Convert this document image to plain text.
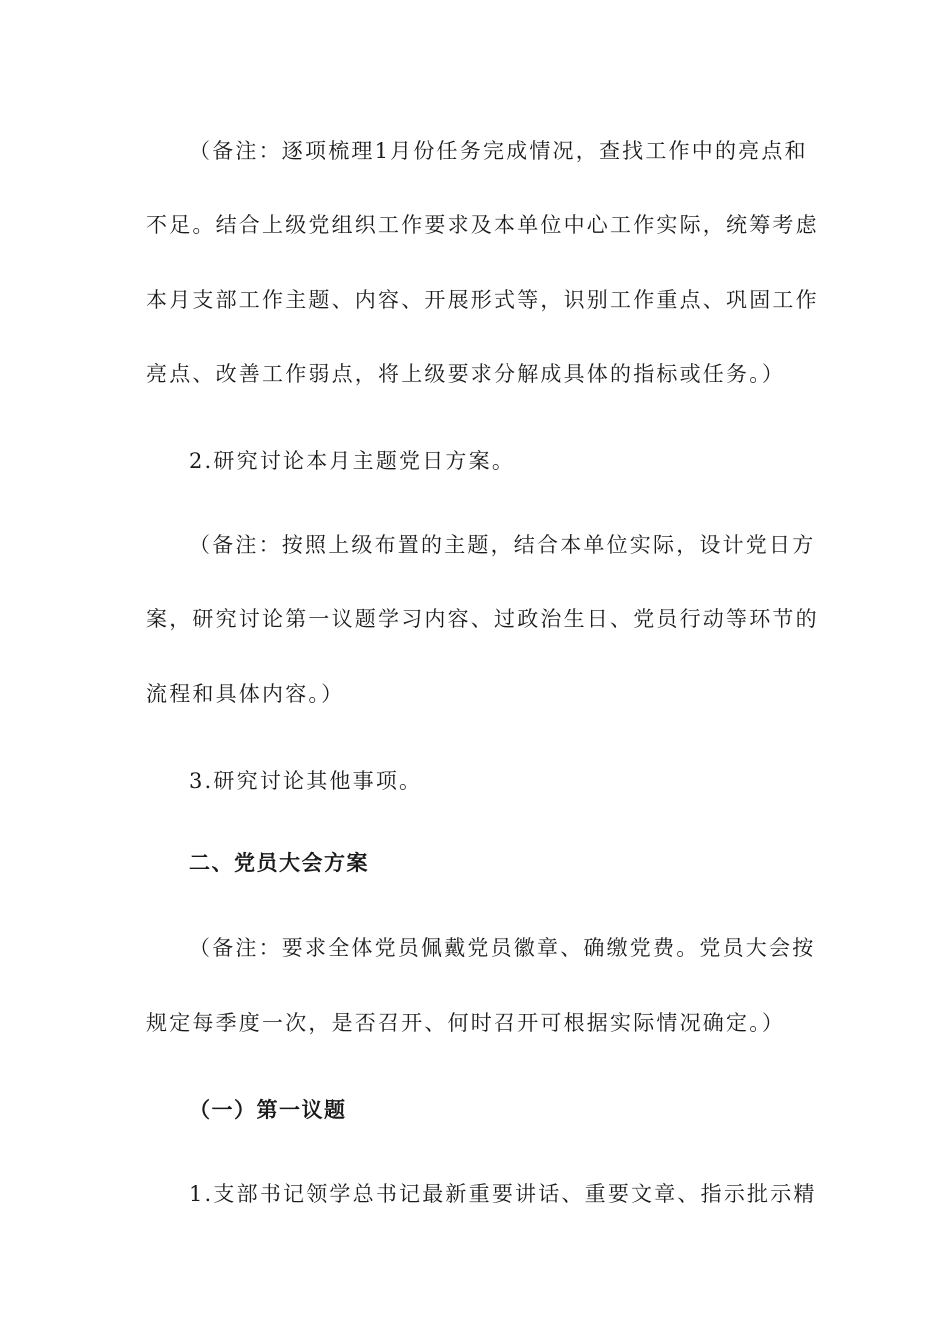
（备注：逐项梳理1月份任务完成情况，查找工作中的亮点和
不足。结合上级党组织工作要求及本单位中心工作实际，统筹考虑
本月支部工作主题、内容、开展形式等，识别工作重点、巩固工作
亮点、改善工作弱点，将上级要求分解成具体的指标或任务。）
2.研究讨论本月主题党日方案。
（备注：按照上级布置的主题，结合本单位实际，设计党日方
案，研究讨论第一议题学习内容、过政治生日、党员行动等环节的
流程和具体内容。）
3.研究讨论其他事项。
二、党员大会方案
（备注：要求全体党员佩戴党员徽章、确缴党费。党员大会按
规定每季度一次，是否召开、何时召开可根据实际情况确定。）
（一）第一议题
1.支部书记领学总书记最新重要讲话、重要文章、指示批示精
